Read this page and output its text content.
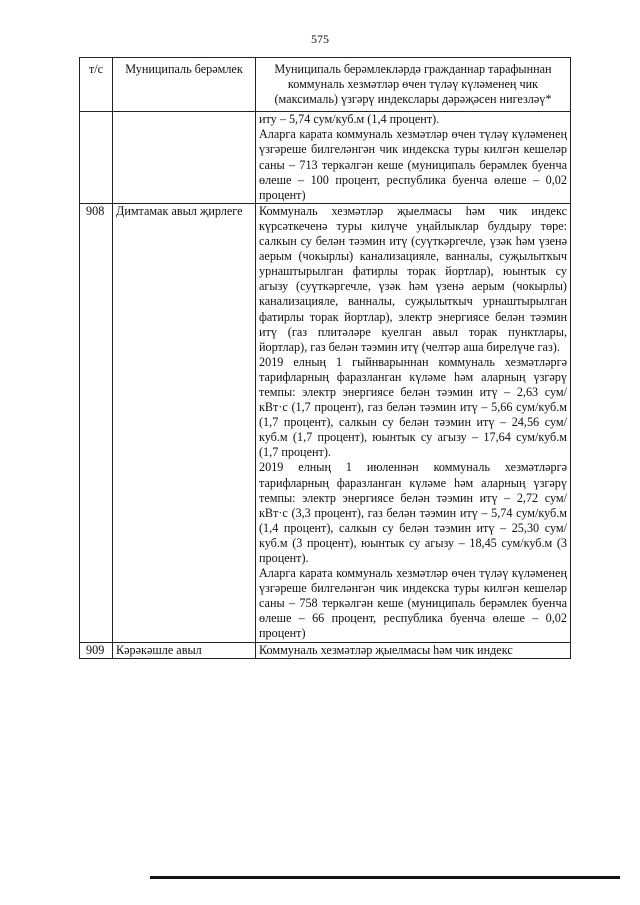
575
т/с	Муниципаль берәмлек	Муниципаль берәмлекләрдә гражданнар тарафыннан коммуналь хезмәтләр өчен түләү күләменең чик (максималь) үзгәрү индекслары дәрәҗәсен нигезләү*

		иту – 5,74 сум/куб.м (1,4 процент).

Аларга карата коммуналь хезмәтләр өчен түләү күләменең үзгәреше билгеләнгән чик индекска туры килгән кешеләр саны – 713 теркәлгән кеше (муниципаль берәмлек буенча өлеше – 100 процент, республика буенча өлеше – 0,02 процент)

908	Димтамак авыл җирлеге	Коммуналь хезмәтләр җыелмасы һәм чик индекс күрсәткеченә туры килүче уңайлыклар булдыру төре: салкын су белән тәэмин итү (суүткәргечле, үзәк һәм үзенә аерым (чокырлы) канализацияле, ванналы, суҗылыткыч урнаштырылган фатирлы торак йортлар), юынтык су агызу (суүткәргечле, үзәк һәм үзенә аерым (чокырлы) канализацияле, ванналы, суҗылыткыч урнаштырылган фатирлы торак йортлар), электр энергиясе белән тәэмин итү (газ плитәләре куелган авыл торак пунктлары, йортлар), газ белән тәэмин итү (челтәр аша бирелүче газ).

2019 елның 1 гыйнварыннан коммуналь хезмәтләргә тарифларның фаразланган күләме һәм аларның үзгәрү темпы: электр энергиясе белән тәэмин итү – 2,63 сум/кВт·с (1,7 процент), газ белән тәэмин итү – 5,66 сум/куб.м (1,7 процент), салкын су белән тәэмин итү – 24,56 сум/куб.м (1,7 процент), юынтык су агызу – 17,64 сум/куб.м (1,7 процент).

2019 елның 1 июленнән коммуналь хезмәтләргә тарифларның фаразланган күләме һәм аларның үзгәрү темпы: электр энергиясе белән тәэмин итү – 2,72 сум/кВт·с (3,3 процент), газ белән тәэмин итү – 5,74 сум/куб.м (1,4 процент), салкын су белән тәэмин итү – 25,30 сум/куб.м (3 процент), юынтык су агызу – 18,45 сум/куб.м (3 процент).

Аларга карата коммуналь хезмәтләр өчен түләү күләменең үзгәреше билгеләнгән чик индекска туры килгән кешеләр саны – 758 теркәлгән кеше (муниципаль берәмлек буенча өлеше – 66 процент, республика буенча өлеше – 0,02 процент)

909	Кәрәкәшле авыл	Коммуналь хезмәтләр җыелмасы һәм чик индекс
